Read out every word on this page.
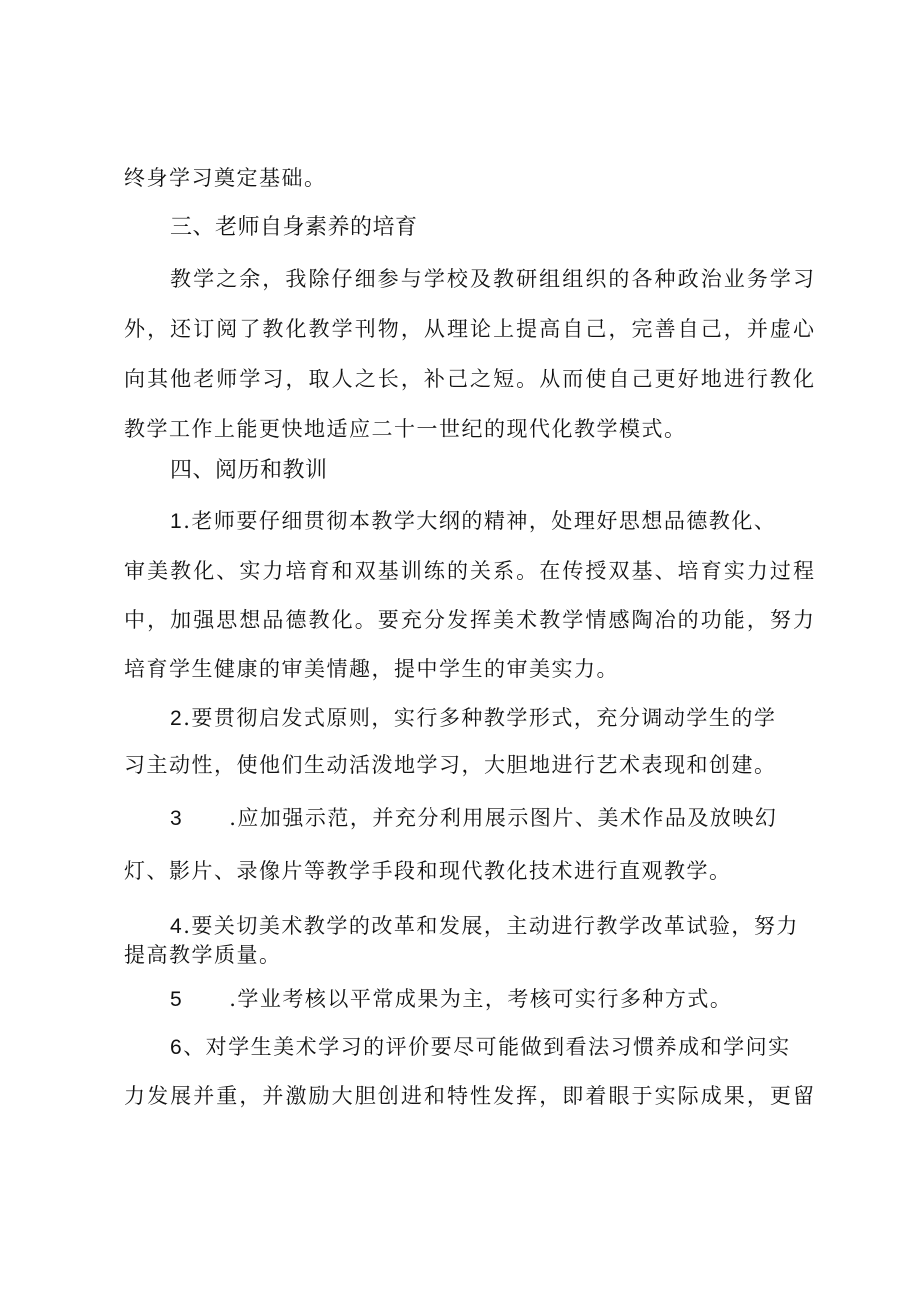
终身学习奠定基础。
三、老师自身素养的培育
教学之余，我除仔细参与学校及教研组组织的各种政治业务学习
外，还订阅了教化教学刊物，从理论上提高自己，完善自己，并虚心
向其他老师学习，取人之长，补己之短。从而使自己更好地进行教化
教学工作上能更快地适应二十一世纪的现代化教学模式。
四、阅历和教训
1.老师要仔细贯彻本教学大纲的精神，处理好思想品德教化、
审美教化、实力培育和双基训练的关系。在传授双基、培育实力过程
中，加强思想品德教化。要充分发挥美术教学情感陶冶的功能，努力
培育学生健康的审美情趣，提中学生的审美实力。
2.要贯彻启发式原则，实行多种教学形式，充分调动学生的学
习主动性，使他们生动活泼地学习，大胆地进行艺术表现和创建。
3 .应加强示范，并充分利用展示图片、美术作品及放映幻
灯、影片、录像片等教学手段和现代教化技术进行直观教学。
4.要关切美术教学的改革和发展，主动进行教学改革试验，努力
提高教学质量。
5 .学业考核以平常成果为主，考核可实行多种方式。
6、对学生美术学习的评价要尽可能做到看法习惯养成和学问实
力发展并重，并激励大胆创进和特性发挥，即着眼于实际成果，更留
